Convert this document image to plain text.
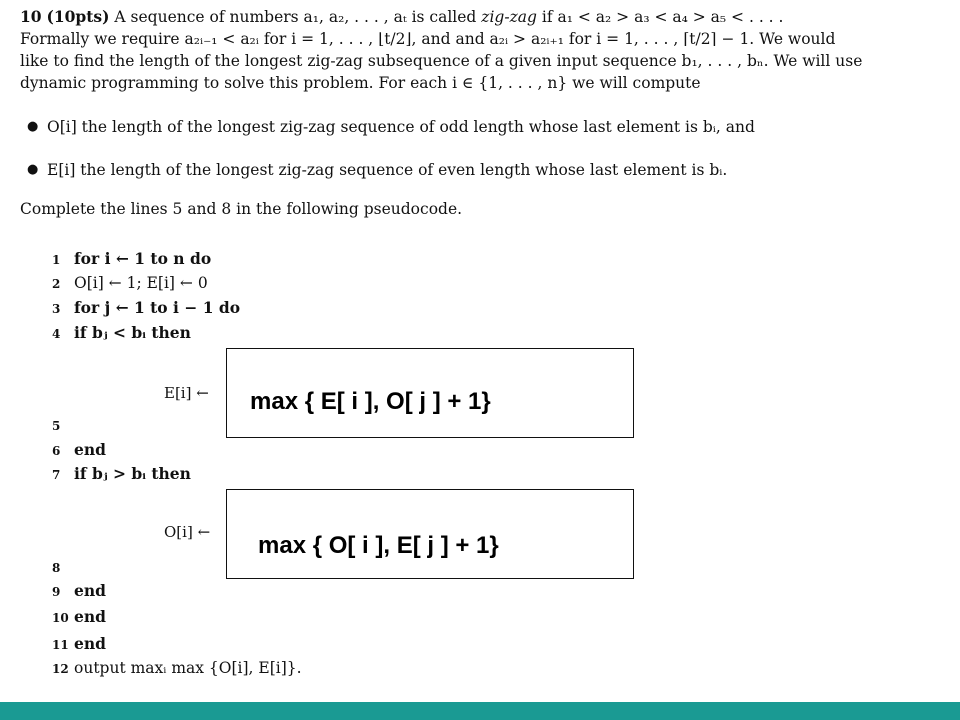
10 (10pts) A sequence of numbers a₁, a₂, . . . , aₜ is called zig-zag if a₁ < a₂ > a₃ < a₄ > a₅ < . . . .

Formally we require a₂ᵢ₋₁ < a₂ᵢ for i = 1, . . . , ⌊t/2⌋, and and a₂ᵢ > a₂ᵢ₊₁ for i = 1, . . . , ⌈t/2⌉ − 1. We would

like to find the length of the longest zig-zag subsequence of a given input sequence b₁, . . . , bₙ. We will use

dynamic programming to solve this problem. For each i ∈ {1, . . . , n} we will compute

● O[i] the length of the longest zig-zag sequence of odd length whose last element is bᵢ, and
● E[i] the length of the longest zig-zag sequence of even length whose last element is bᵢ.
Complete the lines 5 and 8 in the following pseudocode.
1 for i ← 1 to n do
2 O[i] ← 1; E[i] ← 0
3 for j ← 1 to i − 1 do
4 if bⱼ < bᵢ then
5
6 end
7 if bⱼ > bᵢ then
8
9 end
10 end
11 end
12 output maxᵢ max {O[i], E[i]}.
E[i] ← max { E[ i ], O[ j ] + 1}
O[i] ← max { O[ i ], E[ j ] + 1}
